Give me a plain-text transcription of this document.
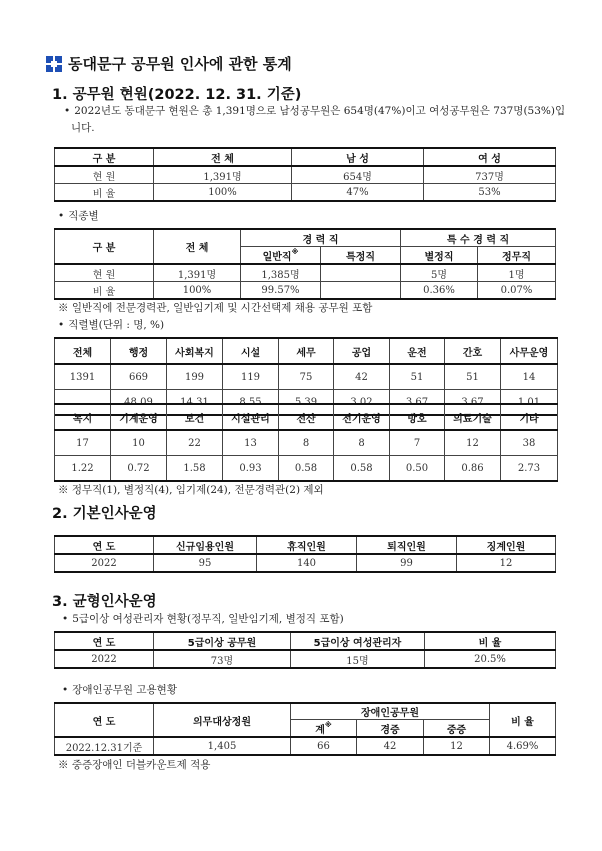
동대문구 공무원 인사에 관한 통계
1. 공무원 현원(2022. 12. 31. 기준)
• 2022년도 동대문구 현원은 총 1,391명으로 남성공무원은 654명(47%)이고 여성공무원은 737명(53%)입니다.
구 분	전 체	남 성	여 성
현 원	1,391명	654명	737명
비 율	100%	47%	53%
• 직종별
구 분	전 체	경 력 직		특 수 경 력 직	
		일반직※	특정직	별정직	정무직
현 원	1,391명	1,385명		5명	1명
비 율	100%	99.57%		0.36%	0.07%
※ 일반직에 전문경력관, 일반임기제 및 시간선택제 채용 공무원 포함
• 직렬별(단위 : 명, %)
전체	행정	사회복지	시설	세무	공업	운전	간호	사무운영
1391	669	199	119	75	42	51	51	14
	48.09	14.31	8.55	5.39	3.02	3.67	3.67	1.01
녹지	기계운영	보건	시설관리	전산	전기운영	방호	의료기술	기타
17	10	22	13	8	8	7	12	38
1.22	0.72	1.58	0.93	0.58	0.58	0.50	0.86	2.73
※ 정무직(1), 별정직(4), 임기제(24), 전문경력관(2) 제외
2. 기본인사운영
연 도	신규임용인원	휴직인원	퇴직인원	징계인원
2022	95	140	99	12
3. 균형인사운영
• 5급이상 여성관리자 현황(정무직, 일반임기제, 별정직 포함)
연 도	5급이상 공무원	5급이상 여성관리자	비 율
2022	73명	15명	20.5%
• 장애인공무원 고용현황
연 도	의무대상정원	장애인공무원			비 율
		계※	경증	중증	
2022.12.31기준	1,405	66	42	12	4.69%
※ 중증장애인 더블카운트제 적용
